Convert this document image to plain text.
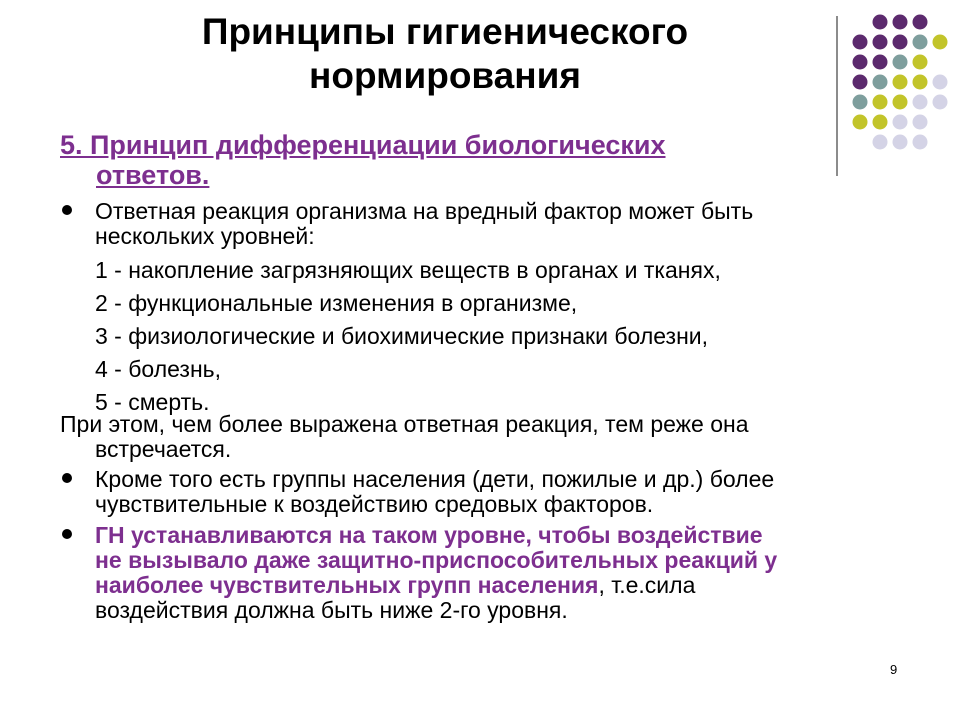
Принципы гигиенического
нормирования
5. Принцип дифференциации биологических
ответов.
Ответная реакция организма на вредный фактор может быть
нескольких уровней:
1 - накопление загрязняющих веществ в органах и тканях,
2 - функциональные изменения в организме,
3 - физиологические и биохимические признаки болезни,
4 - болезнь,
5 - смерть.
При этом, чем более выражена ответная реакция, тем реже она
встречается.
Кроме того есть группы населения (дети, пожилые и др.) более
чувствительные к воздействию средовых факторов.
ГН устанавливаются на таком уровне, чтобы воздействие
не вызывало даже защитно-приспособительных реакций у
наиболее чувствительных групп населения, т.е.сила
воздействия должна быть ниже 2-го уровня.
9
